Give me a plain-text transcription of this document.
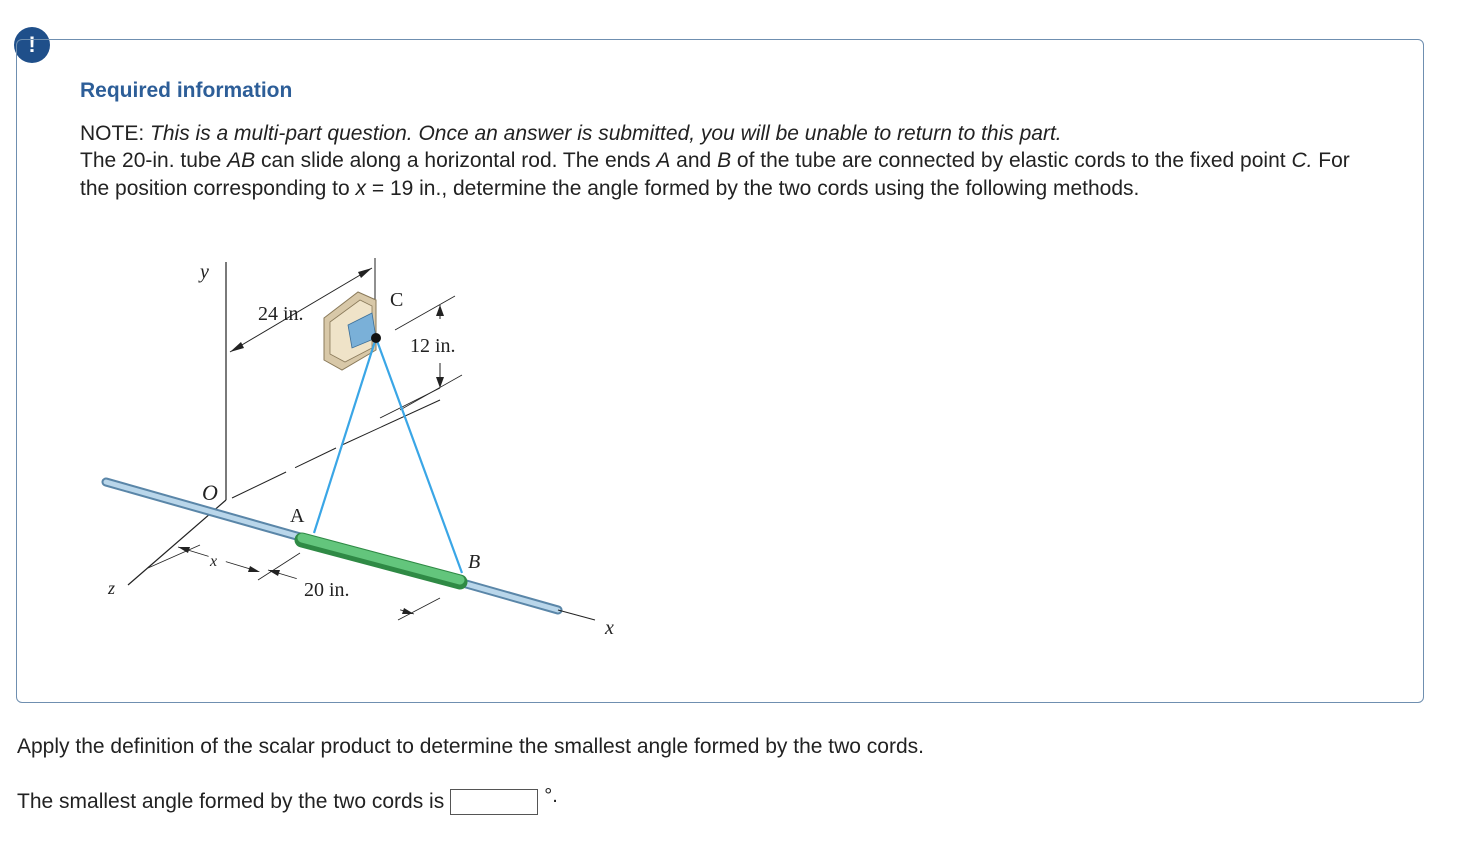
!
Required information

NOTE: This is a multi-part question. Once an answer is submitted, you will be unable to return to this part.

The 20-in. tube AB can slide along a horizontal rod. The ends A and B of the tube are connected by elastic cords to the fixed point C. For the position corresponding to x = 19 in., determine the angle formed by the two cords using the following methods.

y
z
x
O
A
B
C
24 in.
12 in.
20 in.
x
Apply the definition of the scalar product to determine the smallest angle formed by the two cords.
The smallest angle formed by the two cords is	°.
